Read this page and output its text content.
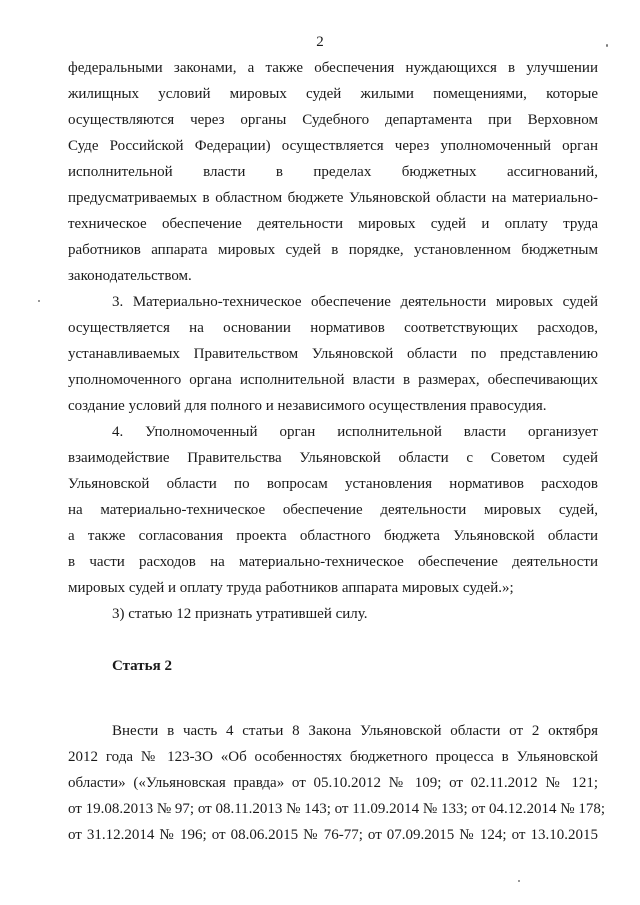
2
федеральными законами, а также обеспечения нуждающихся в улучшении
жилищных условий мировых судей жилыми помещениями, которые
осуществляются через органы Судебного департамента при Верховном
Суде Российской Федерации) осуществляется через уполномоченный орган
исполнительной власти в пределах бюджетных ассигнований,
предусматриваемых в областном бюджете Ульяновской области на материально-
техническое обеспечение деятельности мировых судей и оплату труда
работников аппарата мировых судей в порядке, установленном бюджетным
законодательством.
3. Материально-техническое обеспечение деятельности мировых судей
осуществляется на основании нормативов соответствующих расходов,
устанавливаемых Правительством Ульяновской области по представлению
уполномоченного органа исполнительной власти в размерах, обеспечивающих
создание условий для полного и независимого осуществления правосудия.
4. Уполномоченный орган исполнительной власти организует
взаимодействие Правительства Ульяновской области с Советом судей
Ульяновской области по вопросам установления нормативов расходов
на материально-техническое обеспечение деятельности мировых судей,
а также согласования проекта областного бюджета Ульяновской области
в части расходов на материально-техническое обеспечение деятельности
мировых судей и оплату труда работников аппарата мировых судей.»;
3) статью 12 признать утратившей силу.
Статья 2
Внести в часть 4 статьи 8 Закона Ульяновской области от 2 октября
2012 года № 123-ЗО «Об особенностях бюджетного процесса в Ульяновской
области» («Ульяновская правда» от 05.10.2012 № 109; от 02.11.2012 № 121;
от 19.08.2013 № 97; от 08.11.2013 № 143; от 11.09.2014 № 133; от 04.12.2014 № 178;
от 31.12.2014 № 196; от 08.06.2015 № 76-77; от 07.09.2015 № 124; от 13.10.2015
